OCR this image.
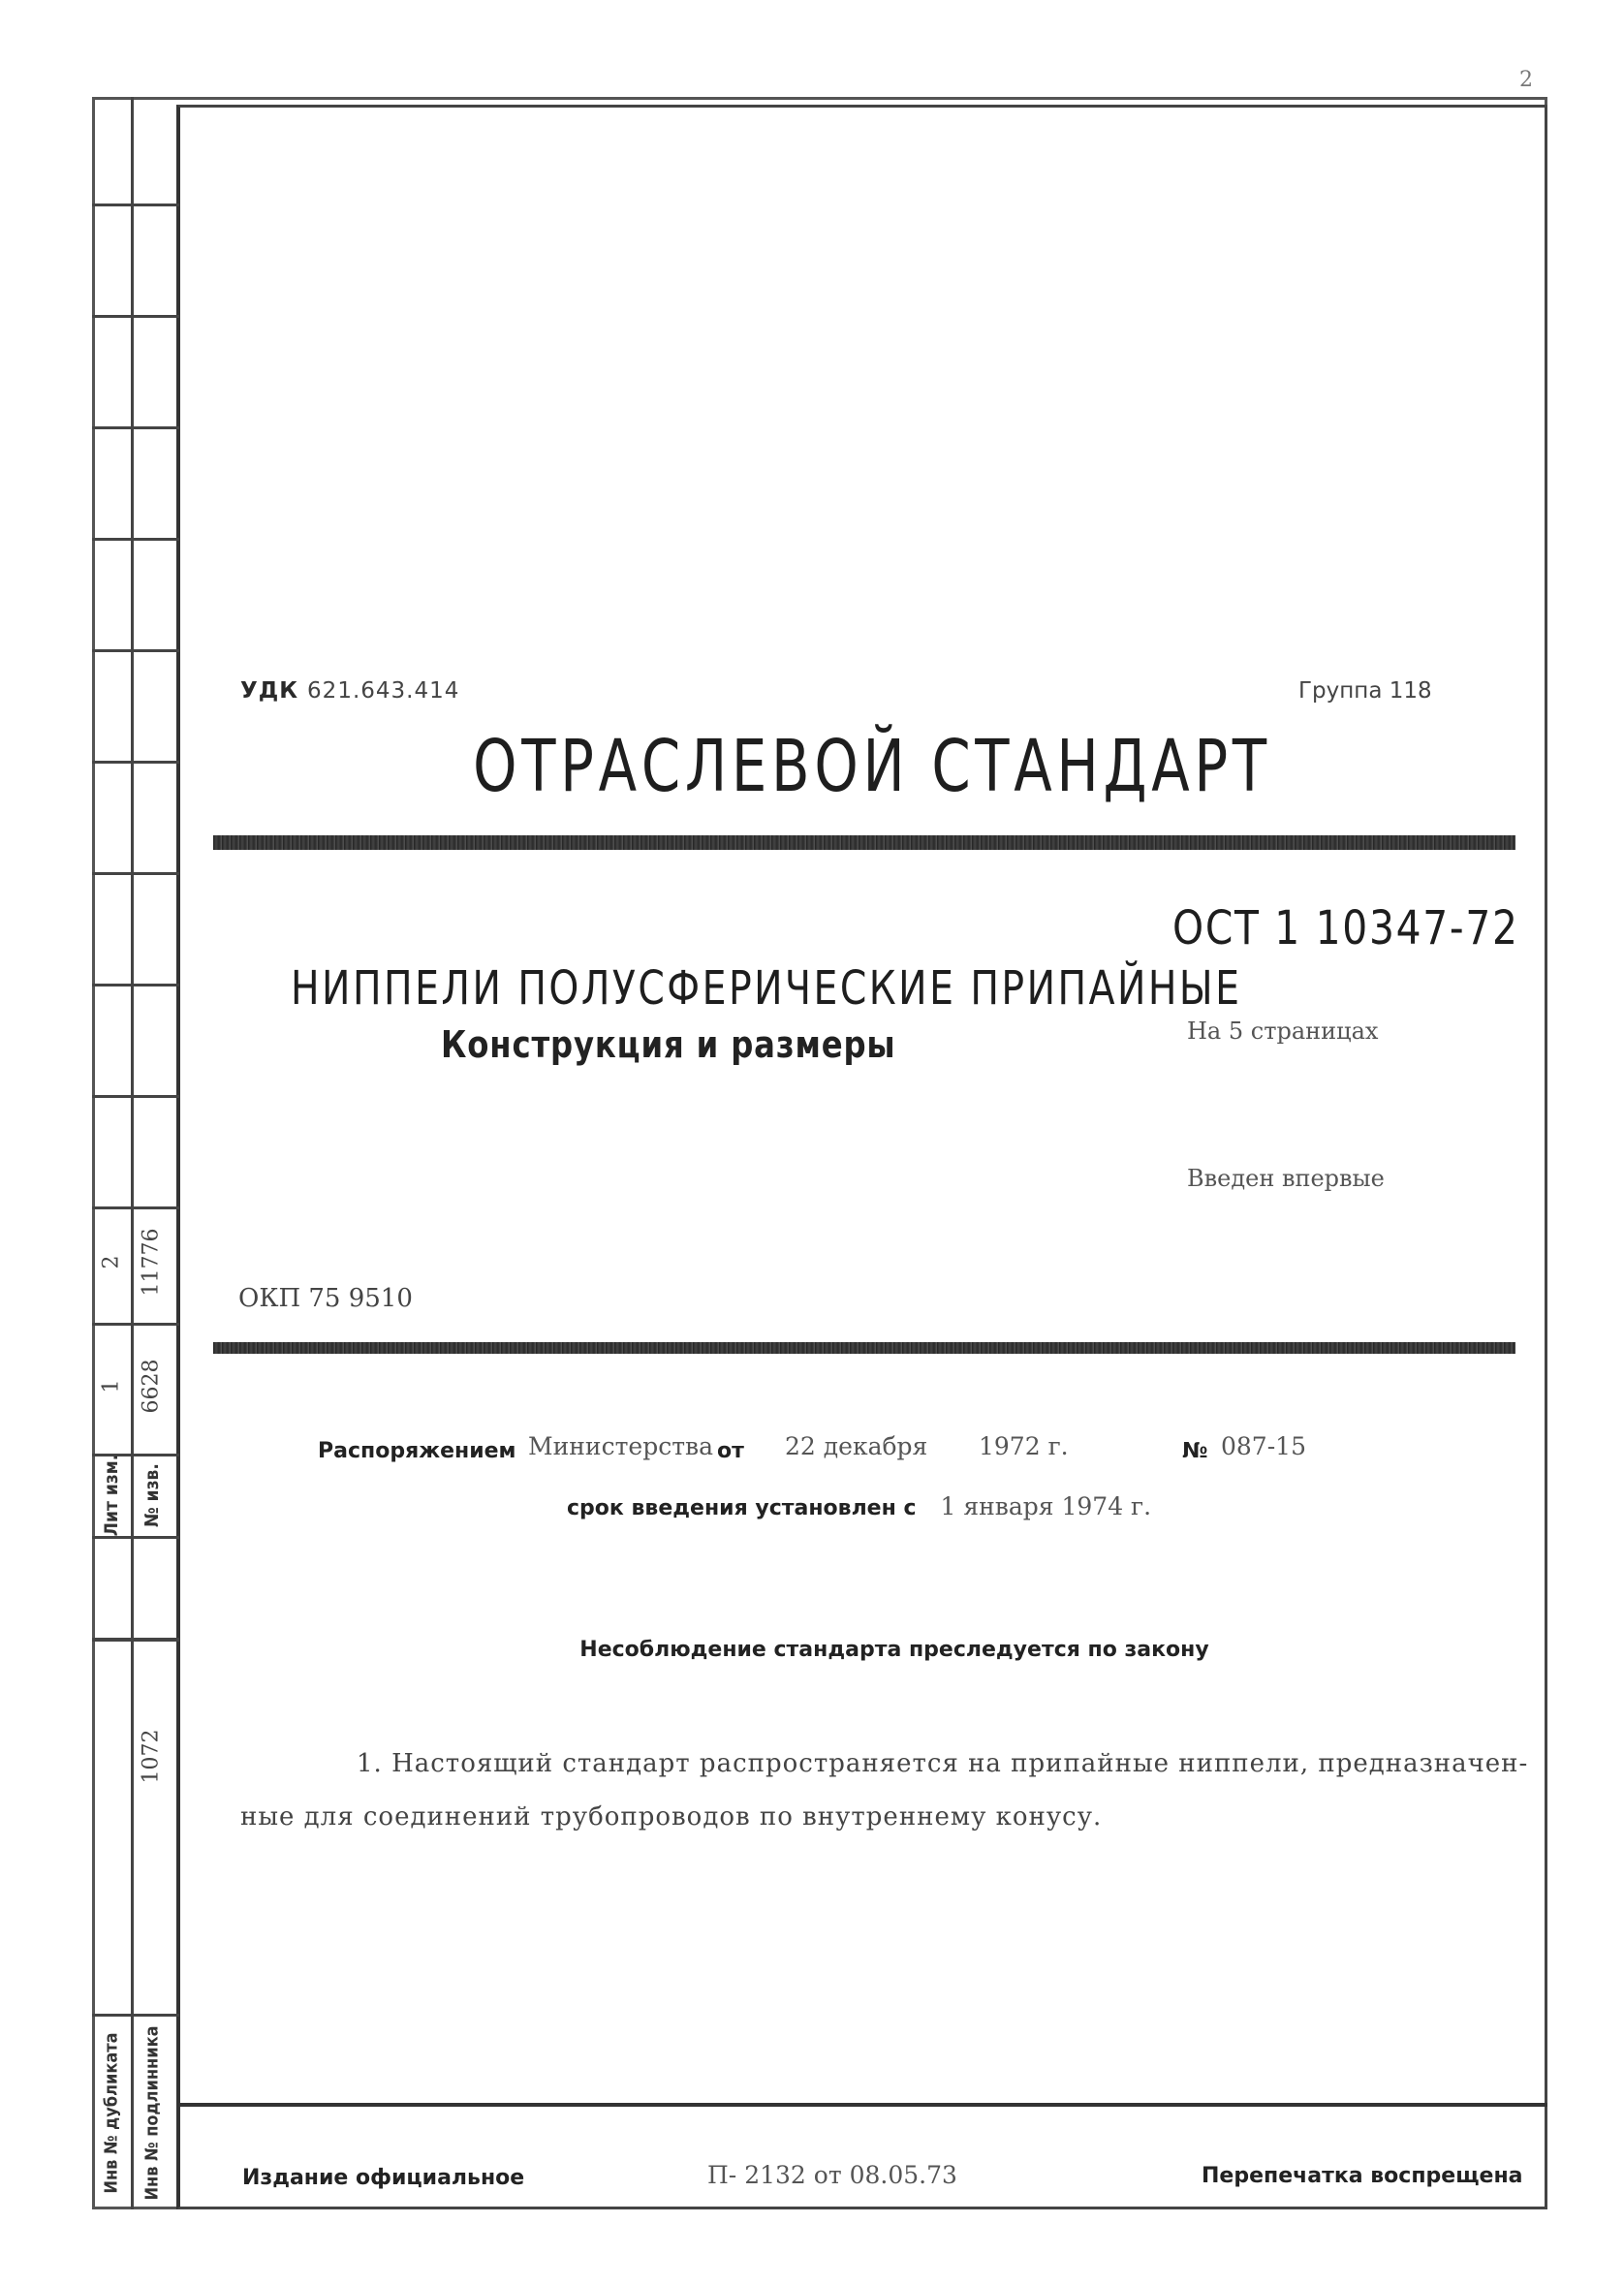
2
Лит изм. № изв.
1
2
6628
11776
1072
Инв № дубликата Инв № подлинника
УДК 621.643.414	Группа 118
ОТРАСЛЕВОЙ СТАНДАРТ
ОСТ 1 10347-72
НИППЕЛИ ПОЛУСФЕРИЧЕСКИЕ ПРИПАЙНЫЕ
Конструкция и размеры	На 5 страницах
Введен впервые
ОКП 75 9510
Распоряжением Министерства от 22 декабря 1972 г.	№ 087-15
срок введения установлен с 1 января 1974 г.
Несоблюдение стандарта преследуется по закону
1. Настоящий стандарт распространяется на припайные ниппели, предназначен-
ные для соединений трубопроводов по внутреннему конусу.
Издание официальное	П- 2132 от 08.05.73	Перепечатка воспрещена
